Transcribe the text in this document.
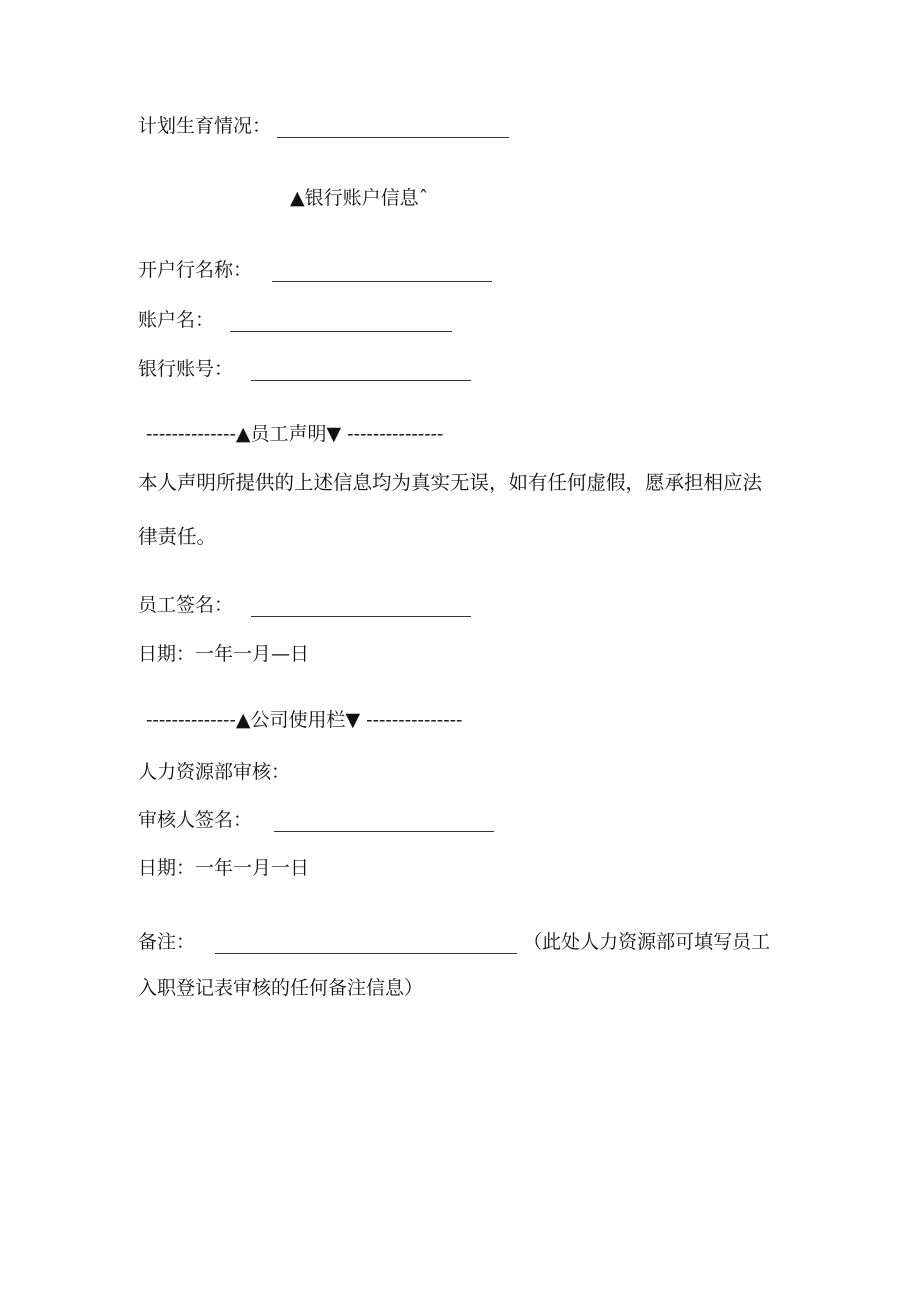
计划生育情况：
▲银行账户信息ˆ
开户行名称：
账户名：
银行账号：
--------------▲员工声明▼ ---------------
本人声明所提供的上述信息均为真实无误，如有任何虚假，愿承担相应法
律责任。
员工签名：
日期：一年一月—日
--------------▲公司使用栏▼ ---------------
人力资源部审核：
审核人签名：
日期：一年一月一日
备注：	（此处人力资源部可填写员工
入职登记表审核的任何备注信息）
